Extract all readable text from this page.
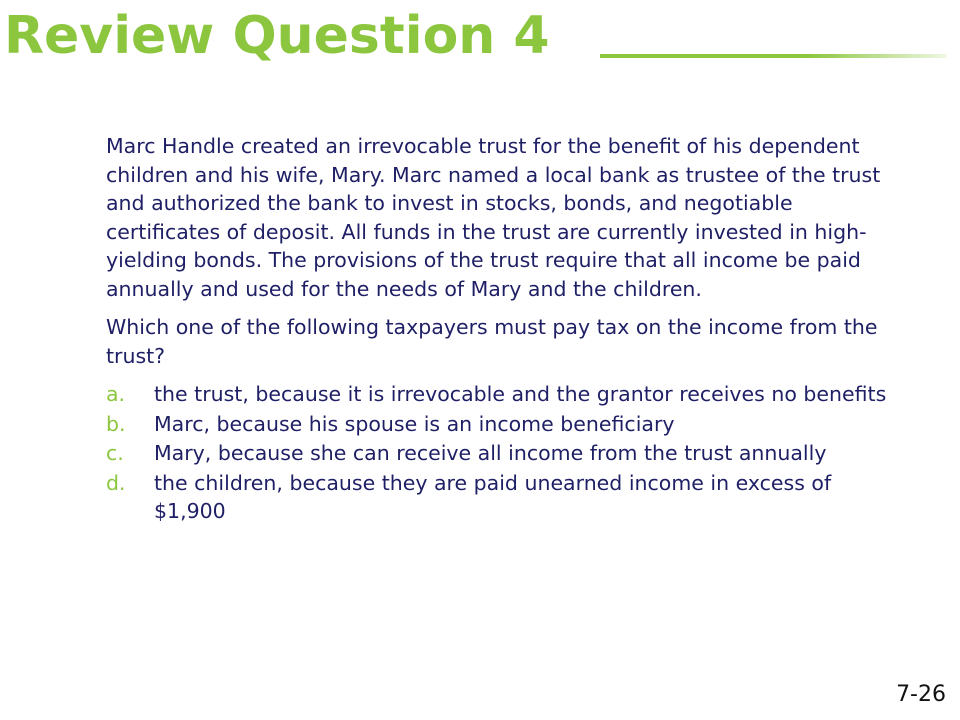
Review Question 4

Marc Handle created an irrevocable trust for the benefit of his dependent children and his wife, Mary. Marc named a local bank as trustee of the trust and authorized the bank to invest in stocks, bonds, and negotiable certificates of deposit. All funds in the trust are currently invested in high-yielding bonds. The provisions of the trust require that all income be paid annually and used for the needs of Mary and the children.

Which one of the following taxpayers must pay tax on the income from the trust?

a.	the trust, because it is irrevocable and the grantor receives no benefits
b.	Marc, because his spouse is an income beneficiary
c.	Mary, because she can receive all income from the trust annually
d.	the children, because they are paid unearned income in excess of $1,900
7-26
